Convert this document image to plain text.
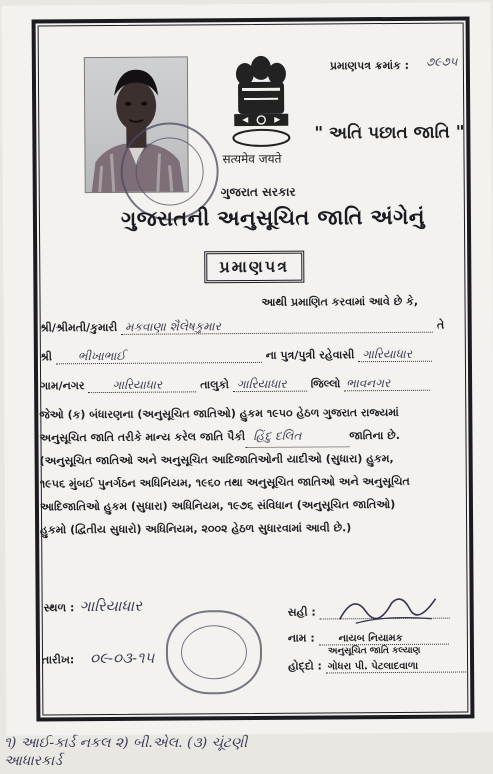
પ્રમાણપત્ર ક્રમાંક : ૭૯૭૫
" અતિ પછાત જાતિ "
सत्यमेव जयते
ગુજરાત સરકાર
ગુજરાતની અનુસૂચિત જાતિ અંગેનું
પ્રમાણપત્ર
આથી પ્રમાણિત કરવામાં આવે છે કે,
શ્રી/શ્રીમતી/કુમારી મકવાણા શૈલેષકુમાર	તે
શ્રી ભીખાભાઈ	ના પુત્ર/પુત્રી રહેવાસી ગારિયાધાર
ગામ/નગર ગારિયાધાર	તાલુકો ગારિયાધાર જિલ્લો ભાવનગર
જેઓ (ક) બંધારણના (અનુસૂચિત જાતિઓ) હુકમ ૧૯૫૦ હેઠળ ગુજરાત રાજ્યમાં
અનુસૂચિત જાતિ તરીકે માન્ય કરેલ જાતિ પૈકી હિંદુ દલિત	જાતિના છે.
(અનુસૂચિત જાતિઓ અને અનુસૂચિત આદિજાતિઓની યાદીઓ (સુધારા) હુકમ,
૧૯૫૬ મુંબઈ પુનર્ગઠન અધિનિયમ, ૧૯૬૦ તથા અનુસૂચિત જાતિઓ અને અનુસૂચિત
આદિજાતિઓ હુકમ (સુધારા) અધિનિયમ, ૧૯૭૬ સંવિધાન (અનુસૂચિત જાતિઓ)
હુકમો (દ્વિતીય સુધારો) અધિનિયમ, ૨૦૦૨ હેઠળ સુધારવામાં આવી છે.)
સ્થળ : ગારિયાધાર
તારીખ: ૦૯-૦૩-૧૫
સહી :
નામ : નાયબ નિયામક
અનુસૂચિત જાતિ કલ્યાણ
હોદ્દો : ગોધરા પી. પેટલાદવાળા
૧) આઈ-કાર્ડ નકલ ૨) બી.એલ. (૩) ચૂંટણી
આધારકાર્ડ
